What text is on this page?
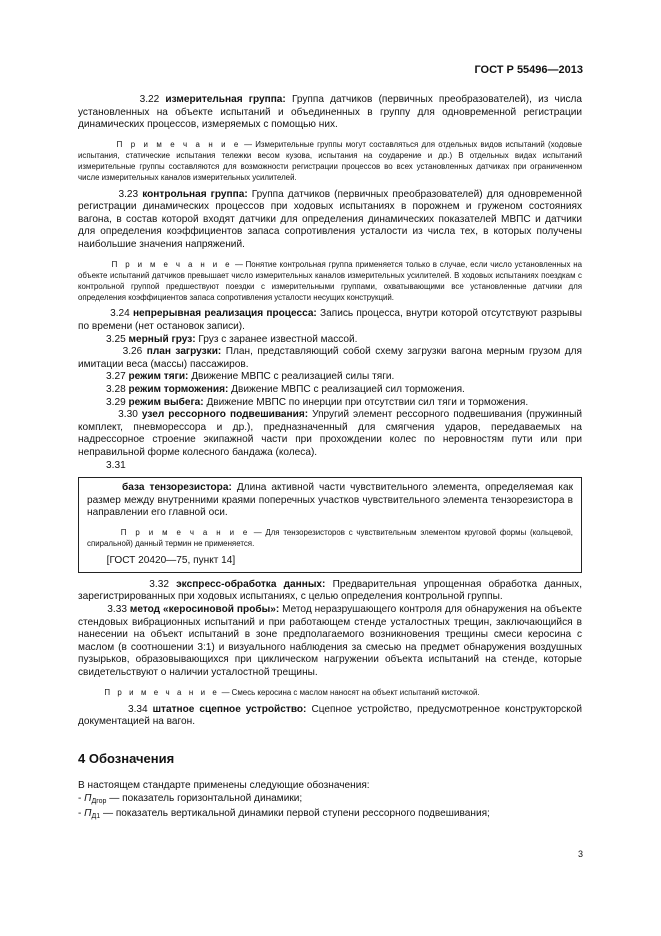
ГОСТ Р 55496—2013

3.22 измерительная группа: Группа датчиков (первичных преобразователей), из числа установленных на объекте испытаний и объединенных в группу для одновременной регистрации динамических процессов, измеряемых с помощью них.

П р и м е ч а н и е — Измерительные группы могут составляться для отдельных видов испытаний (ходовые испытания, статические испытания тележки весом кузова, испытания на соударение и др.) В отдельных видах испытаний измерительные группы составляются для возможности регистрации процессов во всех установленных датчиках при ограниченном числе измерительных каналов измерительных усилителей.

3.23 контрольная группа: Группа датчиков (первичных преобразователей) для одновременной регистрации динамических процессов при ходовых испытаниях в порожнем и груженом состояниях вагона, в состав которой входят датчики для определения динамических показателей МВПС и датчики для определения коэффициентов запаса сопротивления усталости из числа тех, в которых получены наибольшие значения напряжений.

П р и м е ч а н и е — Понятие контрольная группа применяется только в случае, если число установленных на объекте испытаний датчиков превышает число измерительных каналов измерительных усилителей. В ходовых испытаниях поездкам с контрольной группой предшествуют поездки с измерительными группами, охватывающими все установленные датчики для определения коэффициентов запаса сопротивления усталости несущих конструкций.

3.24 непрерывная реализация процесса: Запись процесса, внутри которой отсутствуют разрывы по времени (нет остановок записи).

3.25 мерный груз: Груз с заранее известной массой.

3.26 план загрузки: План, представляющий собой схему загрузки вагона мерным грузом для имитации веса (массы) пассажиров.

3.27 режим тяги: Движение МВПС с реализацией силы тяги.

3.28 режим торможения: Движение МВПС с реализацией сил торможения.

3.29 режим выбега: Движение МВПС по инерции при отсутствии сил тяги и торможения.

3.30 узел рессорного подвешивания: Упругий элемент рессорного подвешивания (пружинный комплект, пневморессора и др.), предназначенный для смягчения ударов, передаваемых на надрессорное строение экипажной части при прохождении колес по неровностям пути или при неправильной форме колесного бандажа (колеса).

3.31

база тензорезистора: Длина активной части чувствительного элемента, определяемая как размер между внутренними краями поперечных участков чувствительного элемента тензорезистора в направлении его главной оси.

П р и м е ч а н и е — Для тензорезисторов с чувствительным элементом круговой формы (кольцевой, спиральной) данный термин не применяется.

[ГОСТ 20420—75, пункт 14]

3.32 экспресс-обработка данных: Предварительная упрощенная обработка данных, зарегистрированных при ходовых испытаниях, с целью определения контрольной группы.

3.33 метод «керосиновой пробы»: Метод неразрушающего контроля для обнаружения на объекте стендовых вибрационных испытаний и при работающем стенде усталостных трещин, заключающийся в нанесении на объект испытаний в зоне предполагаемого возникновения трещины смеси керосина с маслом (в соотношении 3:1) и визуального наблюдения за смесью на предмет обнаружения воздушных пузырьков, образовывающихся при циклическом нагружении объекта испытаний на стенде, которые свидетельствуют о наличии усталостной трещины.

П р и м е ч а н и е — Смесь керосина с маслом наносят на объект испытаний кисточкой.

3.34 штатное сцепное устройство: Сцепное устройство, предусмотренное конструкторской документацией на вагон.

4 Обозначения

В настоящем стандарте применены следующие обозначения:

- $П_{Дгор}$ — показатель горизонтальной динамики;

- $П_{Д1}$ — показатель вертикальной динамики первой ступени рессорного подвешивания;

3
